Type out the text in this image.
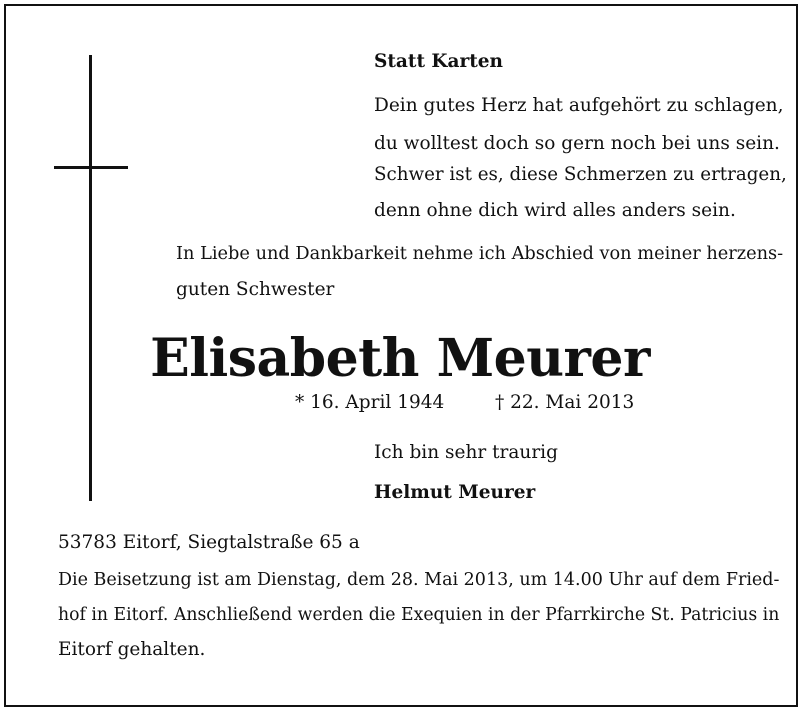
Statt Karten

Dein gutes Herz hat aufgehört zu schlagen,

du wolltest doch so gern noch bei uns sein.

Schwer ist es, diese Schmerzen zu ertragen,

denn ohne dich wird alles anders sein.

In Liebe und Dankbarkeit nehme ich Abschied von meiner herzens-

guten Schwester

Elisabeth Meurer

* 16. April 1944	† 22. Mai 2013

Ich bin sehr traurig

Helmut Meurer

53783 Eitorf, Siegtalstraße 65 a

Die Beisetzung ist am Dienstag, dem 28. Mai 2013, um 14.00 Uhr auf dem Fried-

hof in Eitorf. Anschließend werden die Exequien in der Pfarrkirche St. Patricius in

Eitorf gehalten.
